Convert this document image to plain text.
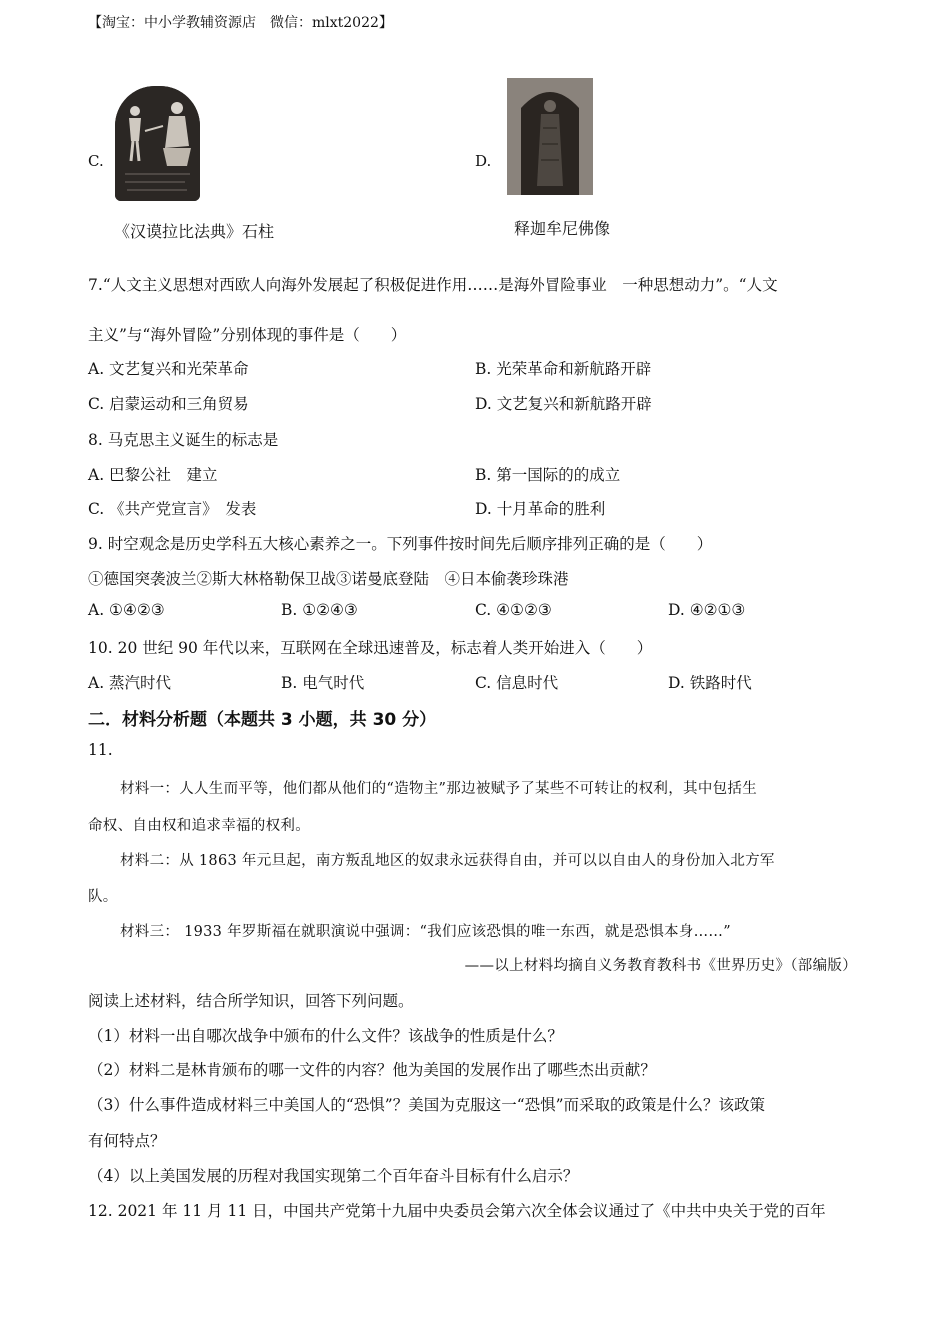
【淘宝：中小学教辅资源店　微信：mlxt2022】
C.
《汉谟拉比法典》石柱
D.
释迦牟尼佛像
7.“人文主义思想对西欧人向海外发展起了积极促进作用……是海外冒险事业　一种思想动力”。“人文
主义”与“海外冒险”分别体现的事件是（　　）
A. 文艺复兴和光荣革命	B. 光荣革命和新航路开辟
C. 启蒙运动和三角贸易	D. 文艺复兴和新航路开辟
8. 马克思主义诞生的标志是
A. 巴黎公社　建立	B. 第一国际的的成立
C. 《共产党宣言》　发表	D. 十月革命的胜利
9. 时空观念是历史学科五大核心素养之一。下列事件按时间先后顺序排列正确的是（　　）
①德国突袭波兰②斯大林格勒保卫战③诺曼底登陆　④日本偷袭珍珠港
A. ①④②③	B. ①②④③	C. ④①②③	D. ④②①③
10. 20 世纪 90 年代以来，互联网在全球迅速普及，标志着人类开始进入（　　）
A. 蒸汽时代	B. 电气时代	C. 信息时代	D. 铁路时代
二．材料分析题（本题共 3 小题，共 30 分）
11.
材料一：人人生而平等，他们都从他们的“造物主”那边被赋予了某些不可转让的权利，其中包括生
命权、自由权和追求幸福的权利。
材料二：从 1863 年元旦起，南方叛乱地区的奴隶永远获得自由，并可以以自由人的身份加入北方军
队。
材料三： 1933 年罗斯福在就职演说中强调：“我们应该恐惧的唯一东西，就是恐惧本身……”
——以上材料均摘自义务教育教科书《世界历史》（部编版）
阅读上述材料，结合所学知识，回答下列问题。
（1）材料一出自哪次战争中颁布的什么文件？该战争的性质是什么？
（2）材料二是林肯颁布的哪一文件的内容？他为美国的发展作出了哪些杰出贡献？
（3）什么事件造成材料三中美国人的“恐惧”？美国为克服这一“恐惧”而采取的政策是什么？该政策
有何特点？
（4）以上美国发展的历程对我国实现第二个百年奋斗目标有什么启示？
12. 2021 年 11 月 11 日，中国共产党第十九届中央委员会第六次全体会议通过了《中共中央关于党的百年
